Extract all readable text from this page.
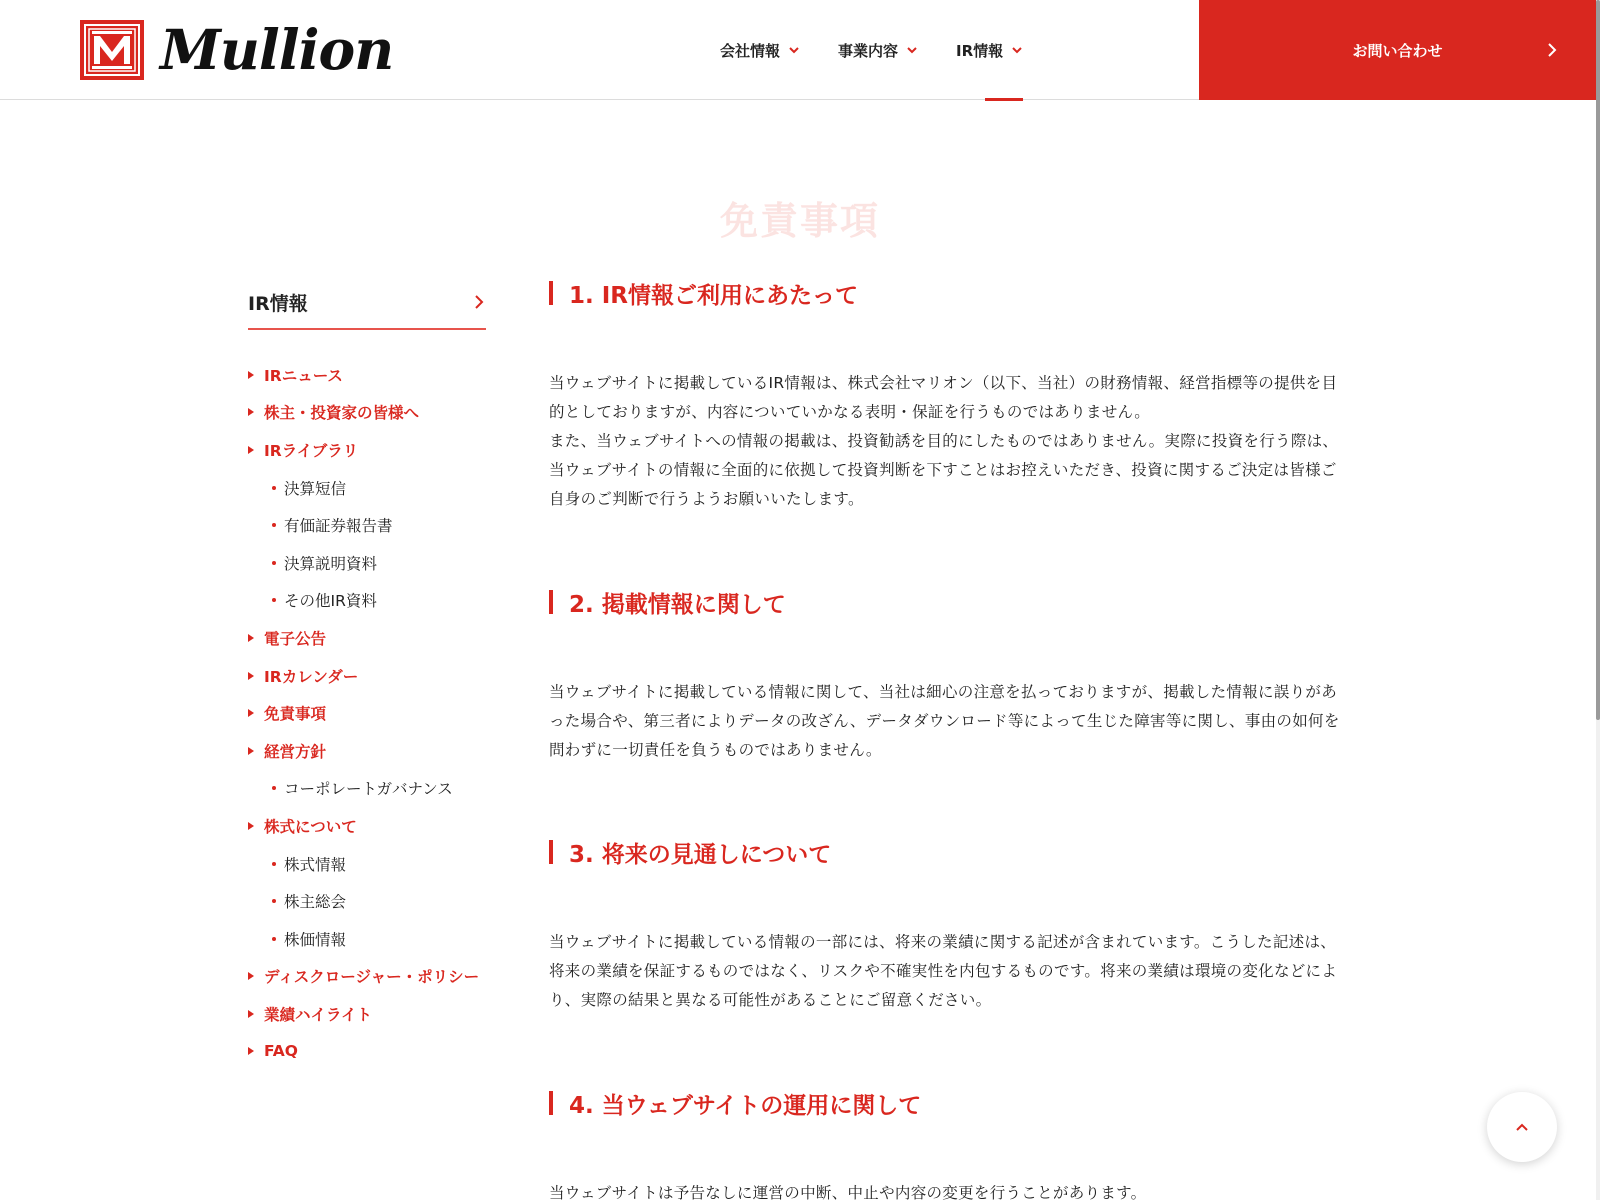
Mullion	会社情報	事業内容	IR情報	お問い合わせ
免責事項
IR情報
IRニュース
株主・投資家の皆様へ
IRライブラリ
決算短信
有価証券報告書
決算説明資料
その他IR資料
電子公告
IRカレンダー
免責事項
経営方針
コーポレートガバナンス
株式について
株式情報
株主総会
株価情報
ディスクロージャー・ポリシー
業績ハイライト
FAQ
1. IR情報ご利用にあたって

当ウェブサイトに掲載しているIR情報は、株式会社マリオン（以下、当社）の財務情報、経営指標等の提供を目

的としておりますが、内容についていかなる表明・保証を行うものではありません。

また、当ウェブサイトへの情報の掲載は、投資勧誘を目的にしたものではありません。実際に投資を行う際は、

当ウェブサイトの情報に全面的に依拠して投資判断を下すことはお控えいただき、投資に関するご決定は皆様ご

自身のご判断で行うようお願いいたします。

2. 掲載情報に関して

当ウェブサイトに掲載している情報に関して、当社は細心の注意を払っておりますが、掲載した情報に誤りがあ

った場合や、第三者によりデータの改ざん、データダウンロード等によって生じた障害等に関し、事由の如何を

問わずに一切責任を負うものではありません。

3. 将来の見通しについて

当ウェブサイトに掲載している情報の一部には、将来の業績に関する記述が含まれています。こうした記述は、

将来の業績を保証するものではなく、リスクや不確実性を内包するものです。将来の業績は環境の変化などによ

り、実際の結果と異なる可能性があることにご留意ください。

4. 当ウェブサイトの運用に関して

当ウェブサイトは予告なしに運営の中断、中止や内容の変更を行うことがあります。
